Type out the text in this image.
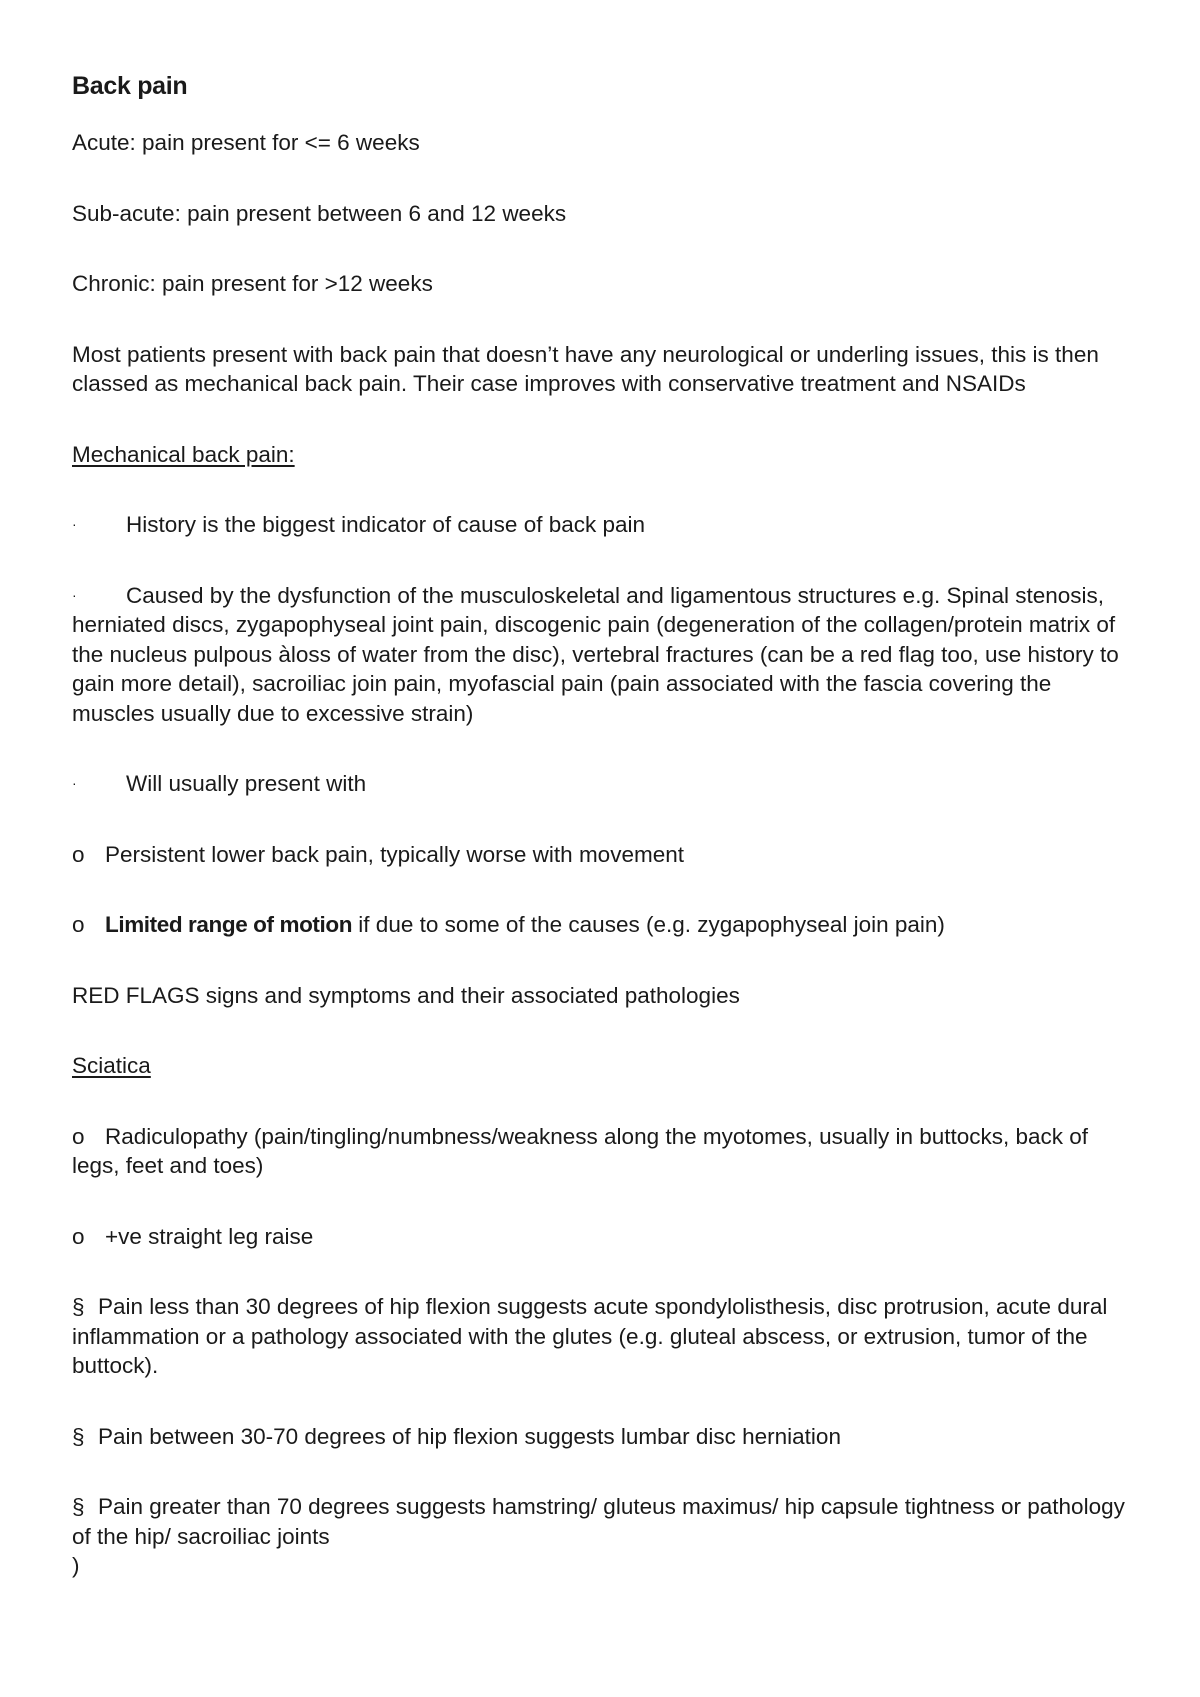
Back pain
Acute: pain present for <= 6 weeks
Sub-acute: pain present between 6 and 12 weeks
Chronic: pain present for >12 weeks
Most patients present with back pain that doesn’t have any neurological or underling issues, this is then classed as mechanical back pain. Their case improves with conservative treatment and NSAIDs
Mechanical back pain:
· History is the biggest indicator of cause of back pain
· Caused by the dysfunction of the musculoskeletal and ligamentous structures e.g. Spinal stenosis, herniated discs, zygapophyseal joint pain, discogenic pain (degeneration of the collagen/protein matrix of the nucleus pulpous àloss of water from the disc), vertebral fractures (can be a red flag too, use history to gain more detail), sacroiliac join pain, myofascial pain (pain associated with the fascia covering the muscles usually due to excessive strain)
· Will usually present with
o Persistent lower back pain, typically worse with movement
o Limited range of motion if due to some of the causes (e.g. zygapophyseal join pain)
RED FLAGS signs and symptoms and their associated pathologies
Sciatica
o Radiculopathy (pain/tingling/numbness/weakness along the myotomes, usually in buttocks, back of legs, feet and toes)
o +ve straight leg raise
§ Pain less than 30 degrees of hip flexion suggests acute spondylolisthesis, disc protrusion, acute dural inflammation or a pathology associated with the glutes (e.g. gluteal abscess, or extrusion, tumor of the buttock).
§ Pain between 30-70 degrees of hip flexion suggests lumbar disc herniation
§ Pain greater than 70 degrees suggests hamstring/ gluteus maximus/ hip capsule tightness or pathology of the hip/ sacroiliac joints
)
